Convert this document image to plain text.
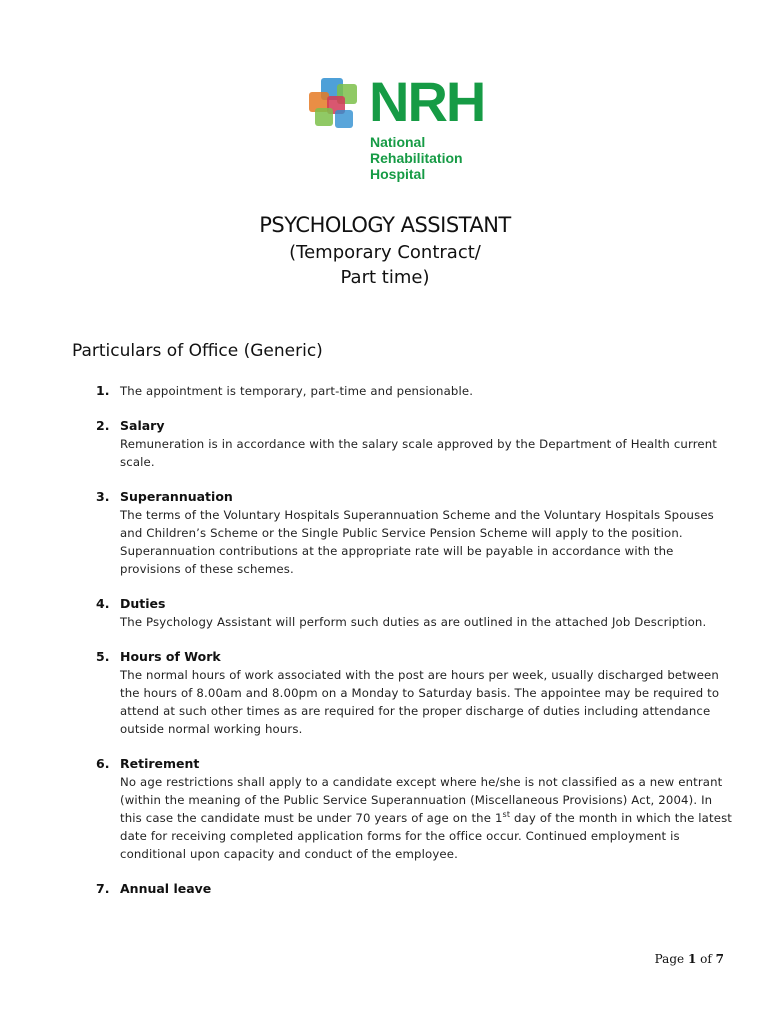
NRH
National
Rehabilitation
Hospital
PSYCHOLOGY ASSISTANT
(Temporary Contract/
Part time)
Particulars of Office (Generic)
1. The appointment is temporary, part-time and pensionable.
2. Salary
Remuneration is in accordance with the salary scale approved by the Department of Health current scale.
3. Superannuation
The terms of the Voluntary Hospitals Superannuation Scheme and the Voluntary Hospitals Spouses and Children’s Scheme or the Single Public Service Pension Scheme will apply to the position. Superannuation contributions at the appropriate rate will be payable in accordance with the provisions of these schemes.
4. Duties
The Psychology Assistant will perform such duties as are outlined in the attached Job Description.
5. Hours of Work
The normal hours of work associated with the post are hours per week, usually discharged between the hours of 8.00am and 8.00pm on a Monday to Saturday basis. The appointee may be required to attend at such other times as are required for the proper discharge of duties including attendance outside normal working hours.
6. Retirement
No age restrictions shall apply to a candidate except where he/she is not classified as a new entrant (within the meaning of the Public Service Superannuation (Miscellaneous Provisions) Act, 2004). In this case the candidate must be under 70 years of age on the 1st day of the month in which the latest date for receiving completed application forms for the office occur. Continued employment is conditional upon capacity and conduct of the employee.
7. Annual leave
Page 1 of 7
